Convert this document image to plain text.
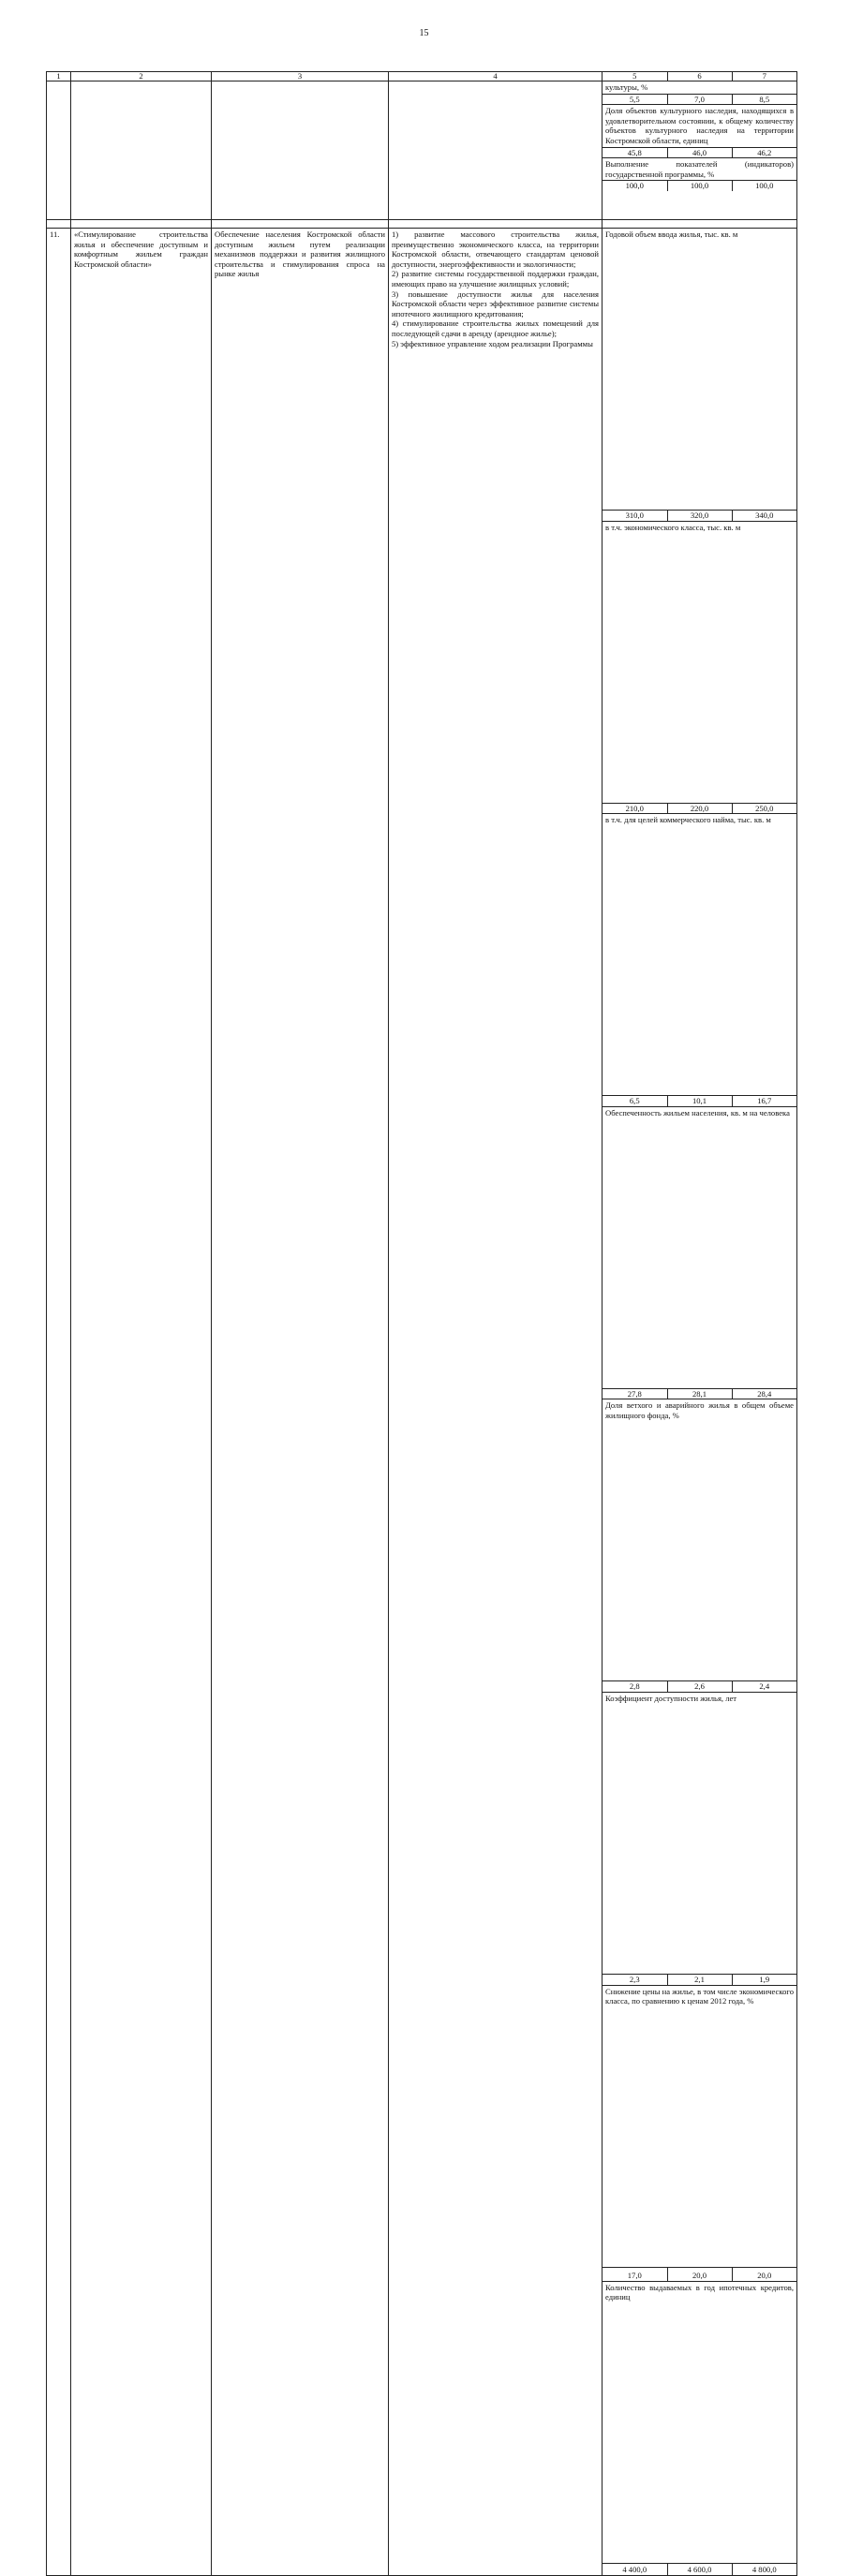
15
1	2	3	4		5	6	7

культуры, %
5,5	7,0	8,5
Доля объектов культурного наследия, находящихся в удовлетворительном состоянии, к общему количеству объектов культурного наследия на территории Костромской области, единиц
45,8	46,0	46,2
Выполнение показателей (индикаторов) государственной программы, %
100,0	100,0	100,0

11.	«Стимулирование строительства жилья и обеспечение доступным и комфортным жильем граждан Костромской области»	Обеспечение населения Костромской области доступным жильем путем реализации механизмов поддержки и развития жилищного строительства и стимулирования спроса на рынке жилья	
1) развитие массового строительства жилья, преимущественно экономического класса, на территории Костромской области, отвечающего стандартам ценовой доступности, энергоэффективности и экологичности;
2) развитие системы государственной поддержки граждан, имеющих право на улучшение жилищных условий;
3) повышение доступности жилья для населения Костромской области через эффективное развитие системы ипотечного жилищного кредитования;
4) стимулирование строительства жилых помещений для последующей сдачи в аренду (арендное жилье);
5) эффективное управление ходом реализации Программы

Годовой объем ввода жилья, тыс. кв. м
310,0	320,0	340,0
в т.ч. экономического класса, тыс. кв. м
210,0	220,0	250,0
в т.ч. для целей коммерческого найма, тыс. кв. м
6,5	10,1	16,7
Обеспеченность жильем населения, кв. м на человека
27,8	28,1	28,4
Доля ветхого и аварийного жилья в общем объеме жилищного фонда, %
2,8	2,6	2,4
Коэффициент доступности жилья, лет
2,3	2,1	1,9
Снижение цены на жилье, в том числе экономического класса, по сравнению к ценам 2012 года, %
17,0	20,0	20,0
Количество выдаваемых в год ипотечных кредитов, единиц
4 400,0	4 600,0	4 800,0
